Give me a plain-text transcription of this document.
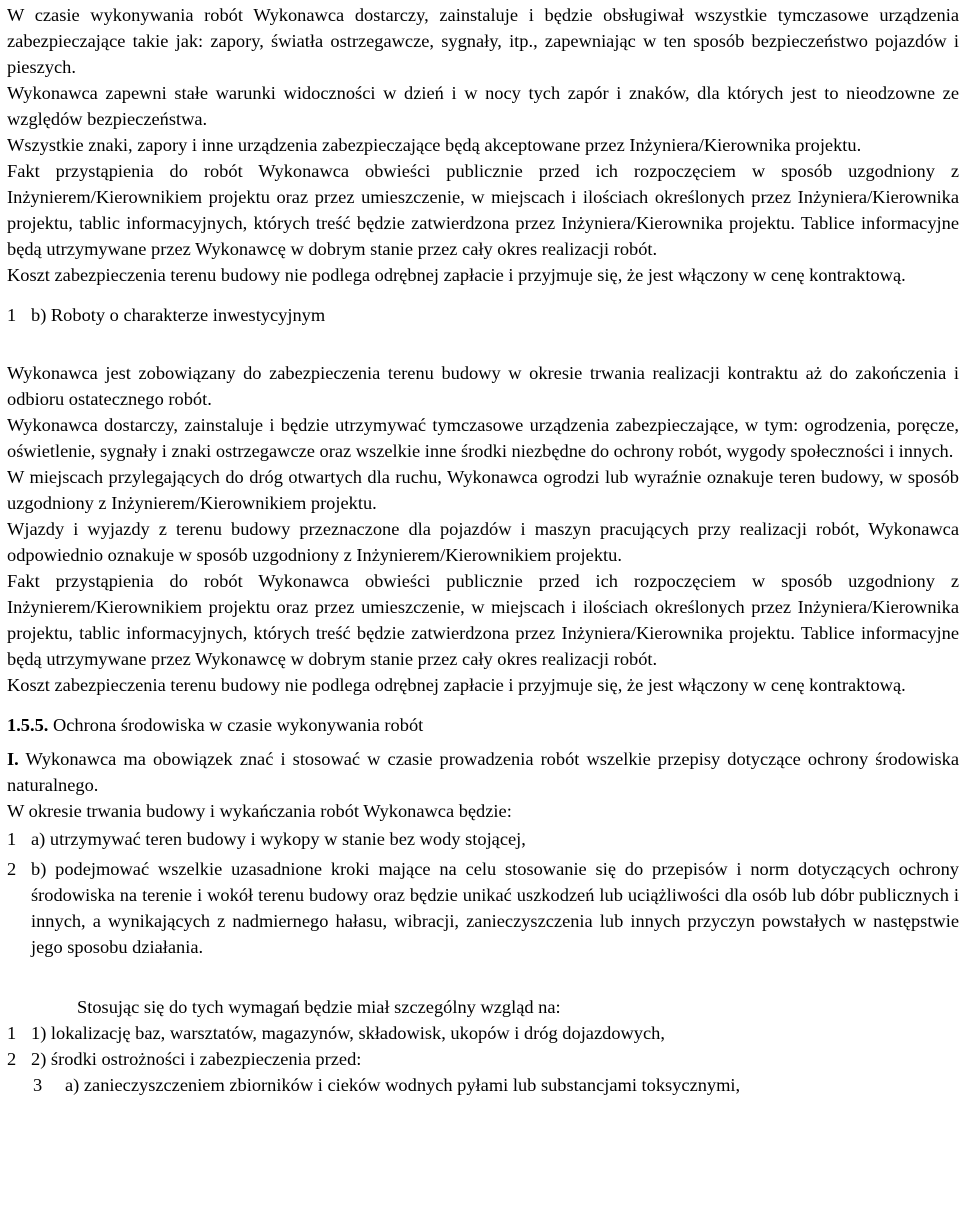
W czasie wykonywania robót Wykonawca dostarczy, zainstaluje i będzie obsługiwał wszystkie tymczasowe urządzenia zabezpieczające takie jak: zapory, światła ostrzegawcze, sygnały, itp., zapewniając w ten sposób bezpieczeństwo pojazdów i pieszych.

Wykonawca zapewni stałe warunki widoczności w dzień i w nocy tych zapór i znaków, dla których jest to nieodzowne ze względów bezpieczeństwa.

Wszystkie znaki, zapory i inne urządzenia zabezpieczające będą akceptowane przez Inżyniera/Kierownika projektu.

Fakt przystąpienia do robót Wykonawca obwieści publicznie przed ich rozpoczęciem w sposób uzgodniony z Inżynierem/Kierownikiem projektu oraz przez umieszczenie, w miejscach i ilościach określonych przez Inżyniera/Kierownika projektu, tablic informacyjnych, których treść będzie zatwierdzona przez Inżyniera/Kierownika projektu. Tablice informacyjne będą utrzymywane przez Wykonawcę w dobrym stanie przez cały okres realizacji robót.

Koszt zabezpieczenia terenu budowy nie podlega odrębnej zapłacie i przyjmuje się, że jest włączony w cenę kontraktową.

1 b) Roboty o charakterze inwestycyjnym

Wykonawca jest zobowiązany do zabezpieczenia terenu budowy w okresie trwania realizacji kontraktu aż do zakończenia i odbioru ostatecznego robót.

Wykonawca dostarczy, zainstaluje i będzie utrzymywać tymczasowe urządzenia zabezpieczające, w tym: ogrodzenia, poręcze, oświetlenie, sygnały i znaki ostrzegawcze oraz wszelkie inne środki niezbędne do ochrony robót, wygody społeczności i innych.

W miejscach przylegających do dróg otwartych dla ruchu, Wykonawca ogrodzi lub wyraźnie oznakuje teren budowy, w sposób uzgodniony z Inżynierem/Kierownikiem projektu.

Wjazdy i wyjazdy z terenu budowy przeznaczone dla pojazdów i maszyn pracujących przy realizacji robót, Wykonawca odpowiednio oznakuje w sposób uzgodniony z Inżynierem/Kierownikiem projektu.

Fakt przystąpienia do robót Wykonawca obwieści publicznie przed ich rozpoczęciem w sposób uzgodniony z Inżynierem/Kierownikiem projektu oraz przez umieszczenie, w miejscach i ilościach określonych przez Inżyniera/Kierownika projektu, tablic informacyjnych, których treść będzie zatwierdzona przez Inżyniera/Kierownika projektu. Tablice informacyjne będą utrzymywane przez Wykonawcę w dobrym stanie przez cały okres realizacji robót.

Koszt zabezpieczenia terenu budowy nie podlega odrębnej zapłacie i przyjmuje się, że jest włączony w cenę kontraktową.

1.5.5. Ochrona środowiska w czasie wykonywania robót

I. Wykonawca ma obowiązek znać i stosować w czasie prowadzenia robót wszelkie przepisy dotyczące ochrony środowiska naturalnego.

W okresie trwania budowy i wykańczania robót Wykonawca będzie:

1 a) utrzymywać teren budowy i wykopy w stanie bez wody stojącej,
2 b) podejmować wszelkie uzasadnione kroki mające na celu stosowanie się do przepisów i norm dotyczących ochrony środowiska na terenie i wokół terenu budowy oraz będzie unikać uszkodzeń lub uciążliwości dla osób lub dóbr publicznych i innych, a wynikających z nadmiernego hałasu, wibracji, zanieczyszczenia lub innych przyczyn powstałych w następstwie jego sposobu działania.

Stosując się do tych wymagań będzie miał szczególny wzgląd na:

1 1) lokalizację baz, warsztatów, magazynów, składowisk, ukopów i dróg dojazdowych,
2 2) środki ostrożności i zabezpieczenia przed:
3	a) zanieczyszczeniem zbiorników i cieków wodnych pyłami lub substancjami toksycznymi,
